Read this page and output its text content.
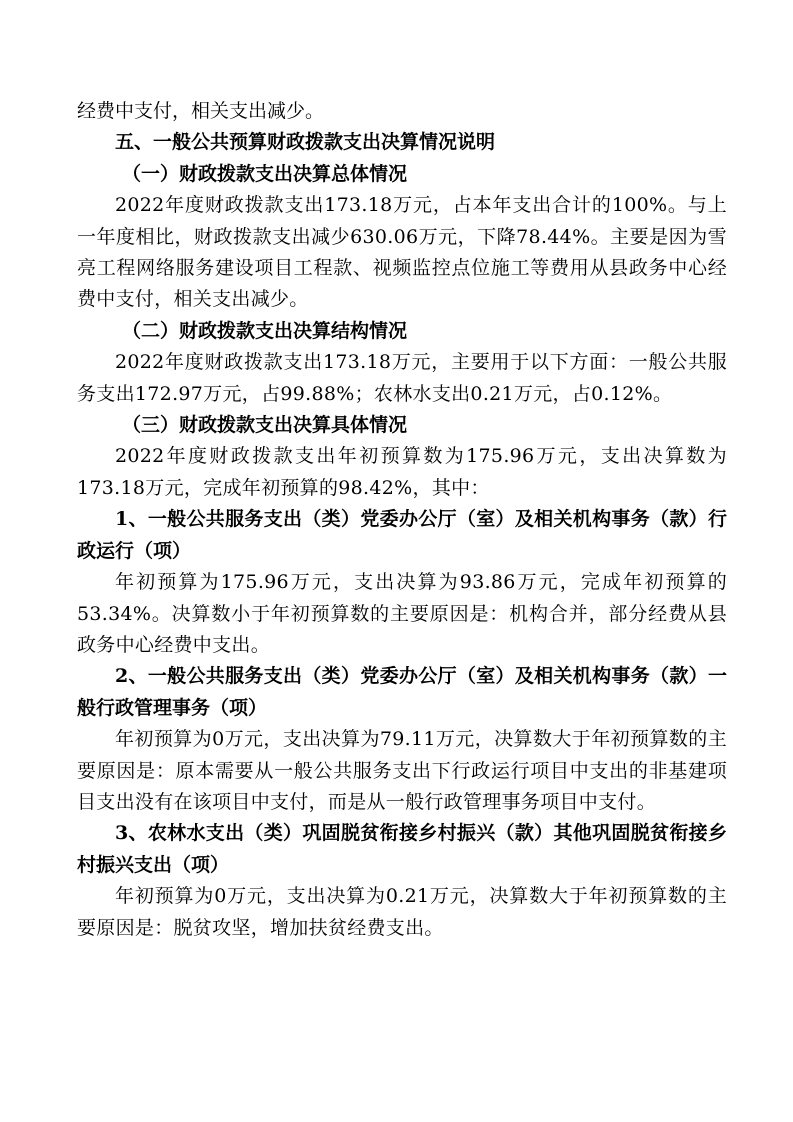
经费中支付，相关支出减少。

五、一般公共预算财政拨款支出决算情况说明

（一）财政拨款支出决算总体情况

2022年度财政拨款支出173.18万元，占本年支出合计的100%。与上一年度相比，财政拨款支出减少630.06万元，下降78.44%。主要是因为雪亮工程网络服务建设项目工程款、视频监控点位施工等费用从县政务中心经费中支付，相关支出减少。

（二）财政拨款支出决算结构情况

2022年度财政拨款支出173.18万元，主要用于以下方面：一般公共服务支出172.97万元，占99.88%；农林水支出0.21万元，占0.12%。

（三）财政拨款支出决算具体情况

2022年度财政拨款支出年初预算数为175.96万元，支出决算数为173.18万元，完成年初预算的98.42%，其中：

1、一般公共服务支出（类）党委办公厅（室）及相关机构事务（款）行政运行（项）

年初预算为175.96万元，支出决算为93.86万元，完成年初预算的53.34%。决算数小于年初预算数的主要原因是：机构合并，部分经费从县政务中心经费中支出。

2、一般公共服务支出（类）党委办公厅（室）及相关机构事务（款）一般行政管理事务（项）

年初预算为0万元，支出决算为79.11万元，决算数大于年初预算数的主要原因是：原本需要从一般公共服务支出下行政运行项目中支出的非基建项目支出没有在该项目中支付，而是从一般行政管理事务项目中支付。

3、农林水支出（类）巩固脱贫衔接乡村振兴（款）其他巩固脱贫衔接乡村振兴支出（项）

年初预算为0万元，支出决算为0.21万元，决算数大于年初预算数的主要原因是：脱贫攻坚，增加扶贫经费支出。
